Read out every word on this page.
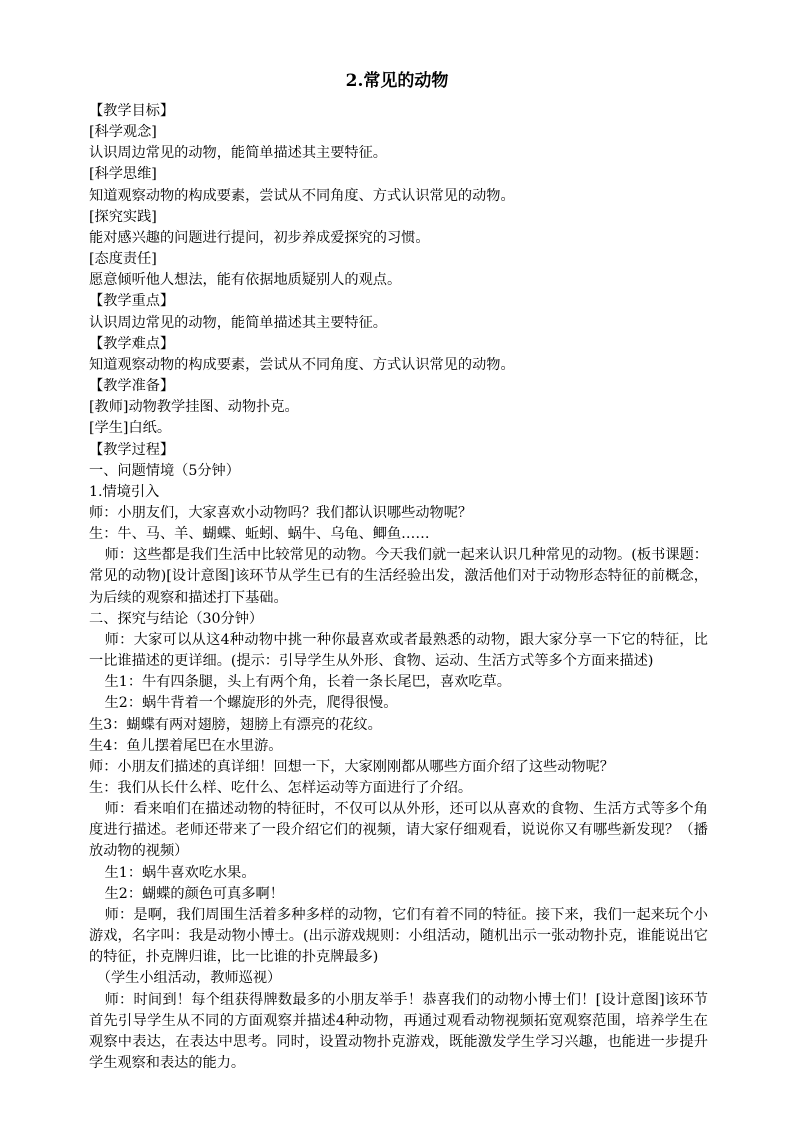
2.常见的动物
【教学目标】
[科学观念]
认识周边常见的动物，能简单描述其主要特征。
[科学思维]
知道观察动物的构成要素，尝试从不同角度、方式认识常见的动物。
[探究实践]
能对感兴趣的问题进行提问，初步养成爱探究的习惯。
[态度责任]
愿意倾听他人想法，能有依据地质疑别人的观点。
【教学重点】
认识周边常见的动物，能简单描述其主要特征。
【教学难点】
知道观察动物的构成要素，尝试从不同角度、方式认识常见的动物。
【教学准备】
[教师]动物教学挂图、动物扑克。
[学生]白纸。
【教学过程】
一、问题情境（5分钟）
1.情境引入
师：小朋友们，大家喜欢小动物吗？我们都认识哪些动物呢？
生：牛、马、羊、蝴蝶、蚯蚓、蜗牛、乌龟、鲫鱼……
师：这些都是我们生活中比较常见的动物。今天我们就一起来认识几种常见的动物。(板书课题：常见的动物)[设计意图]该环节从学生已有的生活经验出发，激活他们对于动物形态特征的前概念，为后续的观察和描述打下基础。
二、探究与结论（30分钟）
师：大家可以从这4种动物中挑一种你最喜欢或者最熟悉的动物，跟大家分享一下它的特征，比一比谁描述的更详细。(提示：引导学生从外形、食物、运动、生活方式等多个方面来描述)
生1：牛有四条腿，头上有两个角，长着一条长尾巴，喜欢吃草。
生2：蜗牛背着一个螺旋形的外壳，爬得很慢。
生3：蝴蝶有两对翅膀，翅膀上有漂亮的花纹。
生4：鱼儿摆着尾巴在水里游。
师：小朋友们描述的真详细！回想一下，大家刚刚都从哪些方面介绍了这些动物呢？
生：我们从长什么样、吃什么、怎样运动等方面进行了介绍。
师：看来咱们在描述动物的特征时，不仅可以从外形，还可以从喜欢的食物、生活方式等多个角度进行描述。老师还带来了一段介绍它们的视频，请大家仔细观看，说说你又有哪些新发现？（播放动物的视频）
生1：蜗牛喜欢吃水果。
生2：蝴蝶的颜色可真多啊！
师：是啊，我们周围生活着多种多样的动物，它们有着不同的特征。接下来，我们一起来玩个小游戏，名字叫：我是动物小博士。(出示游戏规则：小组活动，随机出示一张动物扑克，谁能说出它的特征，扑克牌归谁，比一比谁的扑克牌最多)
（学生小组活动，教师巡视）
师：时间到！每个组获得牌数最多的小朋友举手！恭喜我们的动物小博士们！[设计意图]该环节首先引导学生从不同的方面观察并描述4种动物，再通过观看动物视频拓宽观察范围，培养学生在观察中表达，在表达中思考。同时，设置动物扑克游戏，既能激发学生学习兴趣，也能进一步提升学生观察和表达的能力。
